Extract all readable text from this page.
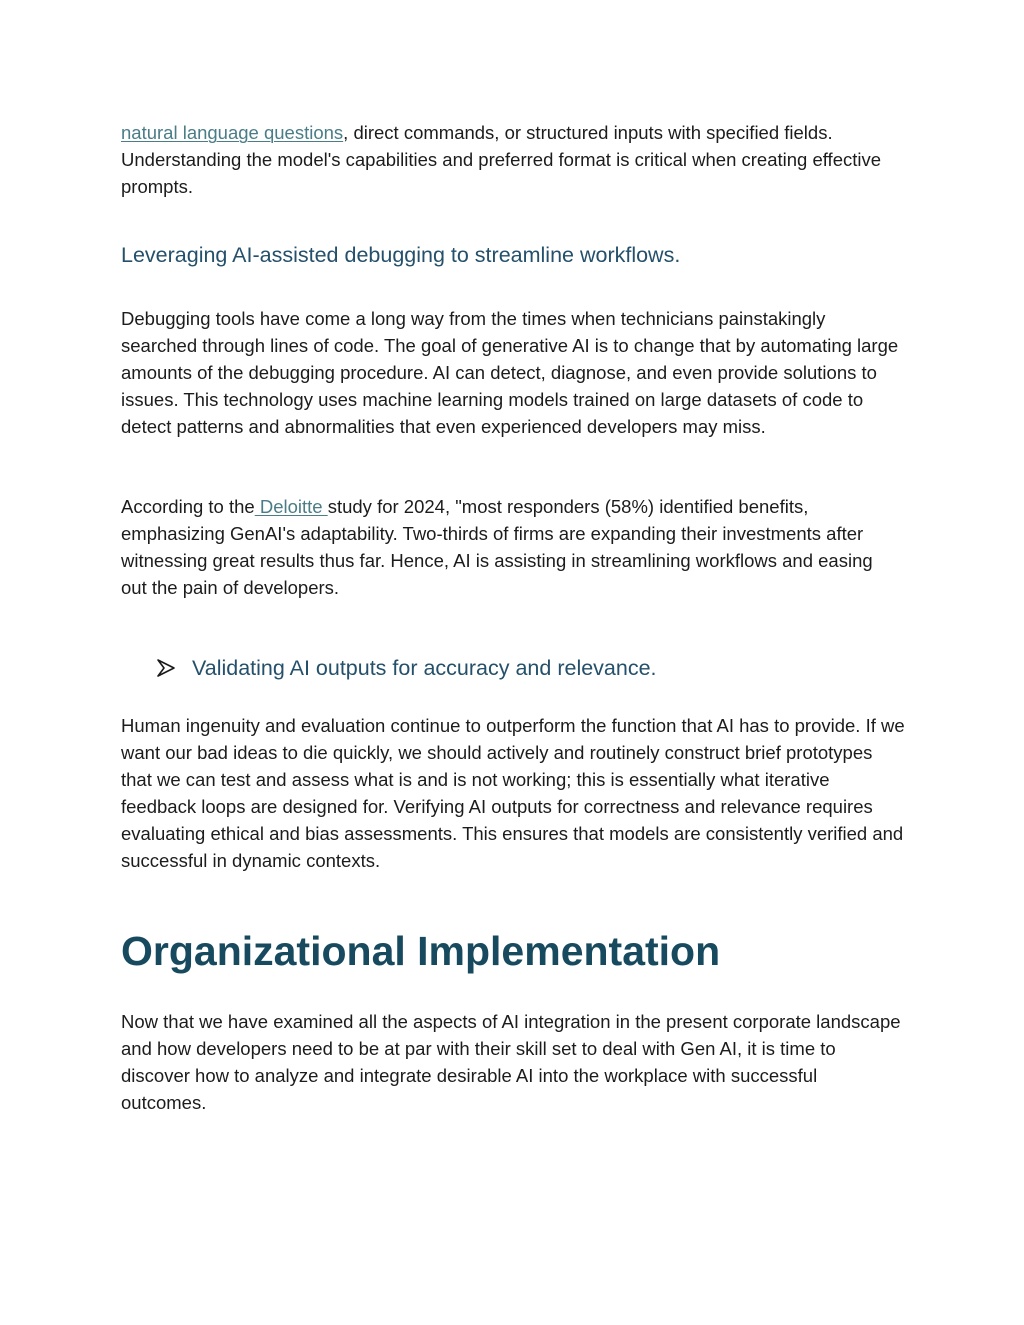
natural language questions, direct commands, or structured inputs with specified fields. Understanding the model's capabilities and preferred format is critical when creating effective prompts.

Leveraging AI-assisted debugging to streamline workflows.

Debugging tools have come a long way from the times when technicians painstakingly searched through lines of code. The goal of generative AI is to change that by automating large amounts of the debugging procedure. AI can detect, diagnose, and even provide solutions to issues. This technology uses machine learning models trained on large datasets of code to detect patterns and abnormalities that even experienced developers may miss.

According to the Deloitte study for 2024, "most responders (58%) identified benefits, emphasizing GenAI's adaptability. Two-thirds of firms are expanding their investments after witnessing great results thus far. Hence, AI is assisting in streamlining workflows and easing out the pain of developers.

Validating AI outputs for accuracy and relevance.

Human ingenuity and evaluation continue to outperform the function that AI has to provide. If we want our bad ideas to die quickly, we should actively and routinely construct brief prototypes that we can test and assess what is and is not working; this is essentially what iterative feedback loops are designed for. Verifying AI outputs for correctness and relevance requires evaluating ethical and bias assessments. This ensures that models are consistently verified and successful in dynamic contexts.

Organizational Implementation

Now that we have examined all the aspects of AI integration in the present corporate landscape and how developers need to be at par with their skill set to deal with Gen AI, it is time to discover how to analyze and integrate desirable AI into the workplace with successful outcomes.
